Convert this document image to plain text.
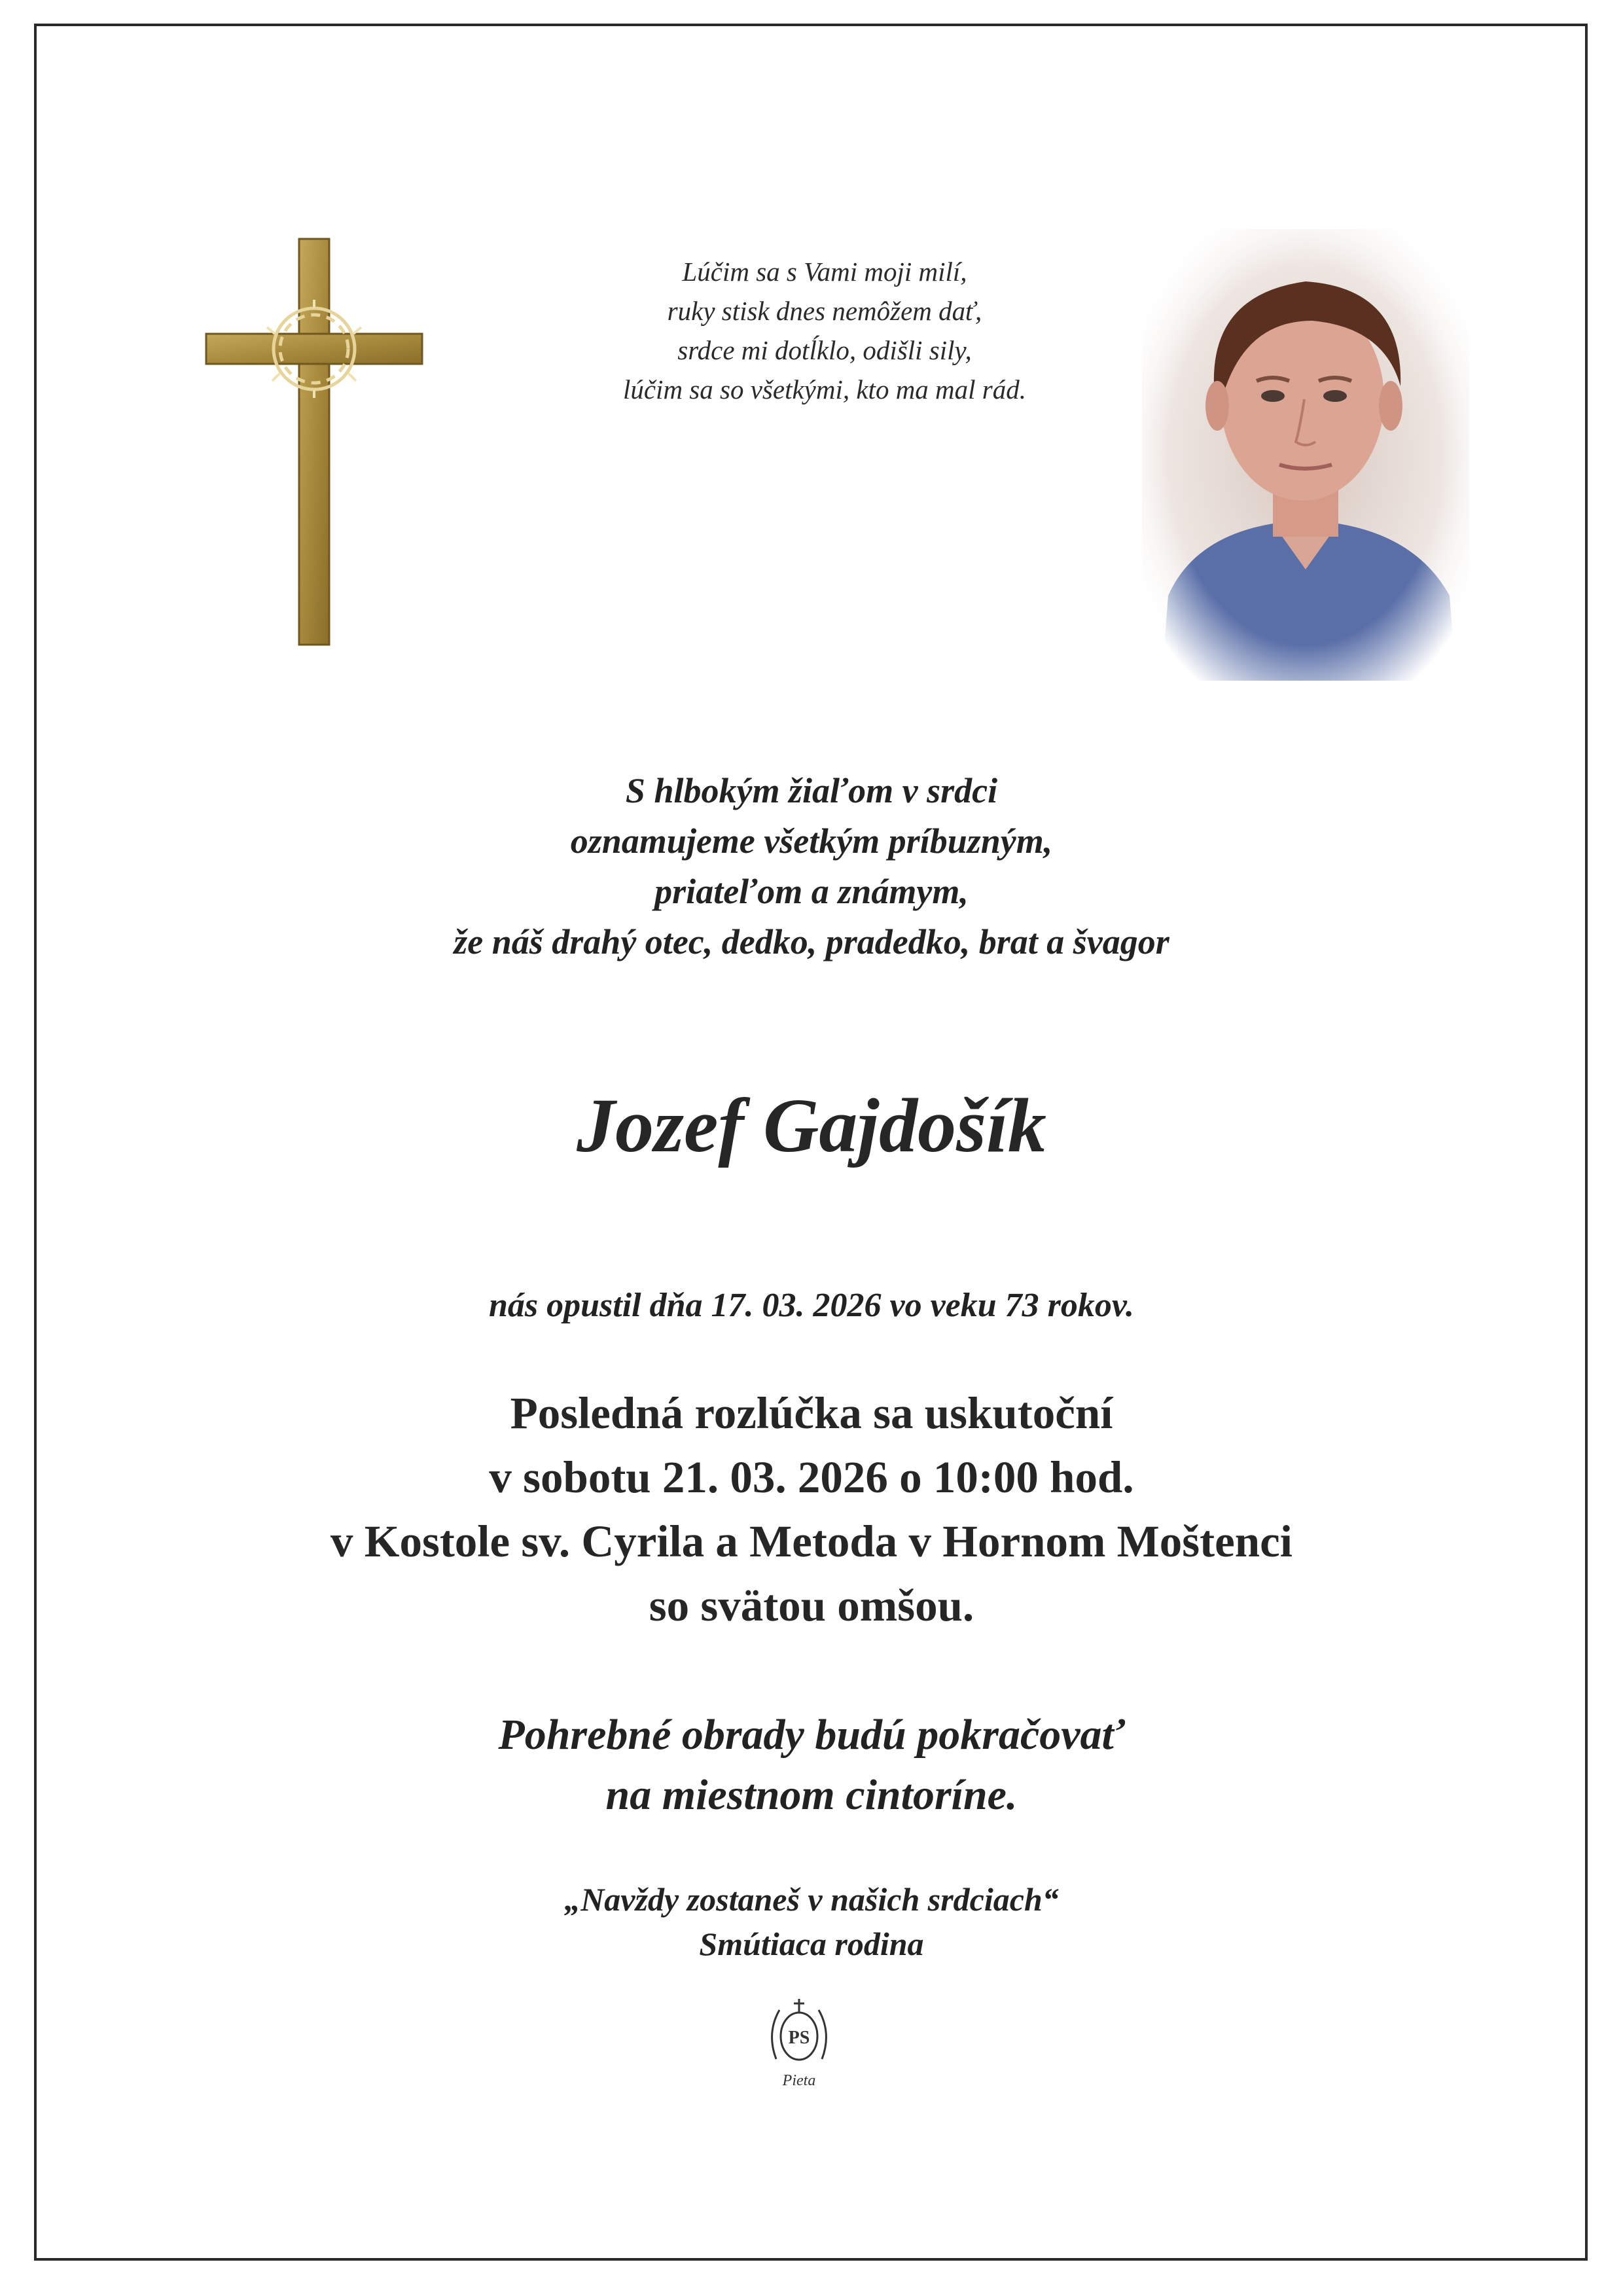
Lúčim sa s Vami moji milí,
ruky stisk dnes nemôžem dať,
srdce mi dotĺklo, odišli sily,
lúčim sa so všetkými, kto ma mal rád.
S hlbokým žiaľom v srdci
oznamujeme všetkým príbuzným,
priateľom a známym,
že náš drahý otec, dedko, pradedko, brat a švagor
Jozef Gajdošík
nás opustil dňa 17. 03. 2026 vo veku 73 rokov.
Posledná rozlúčka sa uskutoční
v sobotu 21. 03. 2026 o 10:00 hod.
v Kostole sv. Cyrila a Metoda v Hornom Moštenci
so svätou omšou.
Pohrebné obrady budú pokračovať
na miestnom cintoríne.
„Navždy zostaneš v našich srdciach“
Smútiaca rodina
PS
Pieta
